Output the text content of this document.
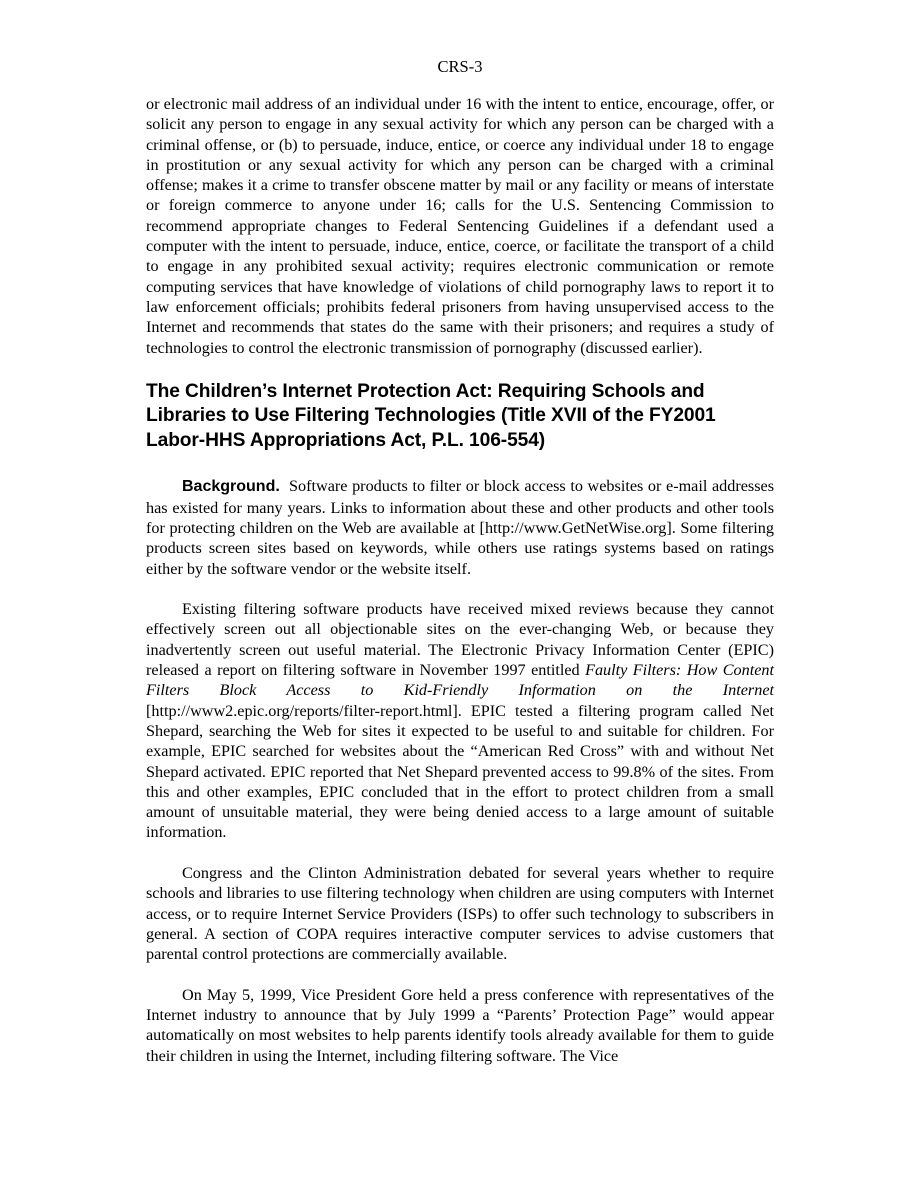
CRS-3

or electronic mail address of an individual under 16 with the intent to entice, encourage, offer, or solicit any person to engage in any sexual activity for which any person can be charged with a criminal offense, or (b) to persuade, induce, entice, or coerce any individual under 18 to engage in prostitution or any sexual activity for which any person can be charged with a criminal offense; makes it a crime to transfer obscene matter by mail or any facility or means of interstate or foreign commerce to anyone under 16; calls for the U.S. Sentencing Commission to recommend appropriate changes to Federal Sentencing Guidelines if a defendant used a computer with the intent to persuade, induce, entice, coerce, or facilitate the transport of a child to engage in any prohibited sexual activity; requires electronic communication or remote computing services that have knowledge of violations of child pornography laws to report it to law enforcement officials; prohibits federal prisoners from having unsupervised access to the Internet and recommends that states do the same with their prisoners; and requires a study of technologies to control the electronic transmission of pornography (discussed earlier).

The Children’s Internet Protection Act: Requiring Schools and Libraries to Use Filtering Technologies (Title XVII of the FY2001 Labor-HHS Appropriations Act, P.L. 106-554)

Background. Software products to filter or block access to websites or e-mail addresses has existed for many years. Links to information about these and other products and other tools for protecting children on the Web are available at [http://www.GetNetWise.org]. Some filtering products screen sites based on keywords, while others use ratings systems based on ratings either by the software vendor or the website itself.

Existing filtering software products have received mixed reviews because they cannot effectively screen out all objectionable sites on the ever-changing Web, or because they inadvertently screen out useful material. The Electronic Privacy Information Center (EPIC) released a report on filtering software in November 1997 entitled Faulty Filters: How Content Filters Block Access to Kid-Friendly Information on the Internet [http://www2.epic.org/reports/filter-report.html]. EPIC tested a filtering program called Net Shepard, searching the Web for sites it expected to be useful to and suitable for children. For example, EPIC searched for websites about the “American Red Cross” with and without Net Shepard activated. EPIC reported that Net Shepard prevented access to 99.8% of the sites. From this and other examples, EPIC concluded that in the effort to protect children from a small amount of unsuitable material, they were being denied access to a large amount of suitable information.

Congress and the Clinton Administration debated for several years whether to require schools and libraries to use filtering technology when children are using computers with Internet access, or to require Internet Service Providers (ISPs) to offer such technology to subscribers in general. A section of COPA requires interactive computer services to advise customers that parental control protections are commercially available.

On May 5, 1999, Vice President Gore held a press conference with representatives of the Internet industry to announce that by July 1999 a “Parents’ Protection Page” would appear automatically on most websites to help parents identify tools already available for them to guide their children in using the Internet, including filtering software. The Vice
